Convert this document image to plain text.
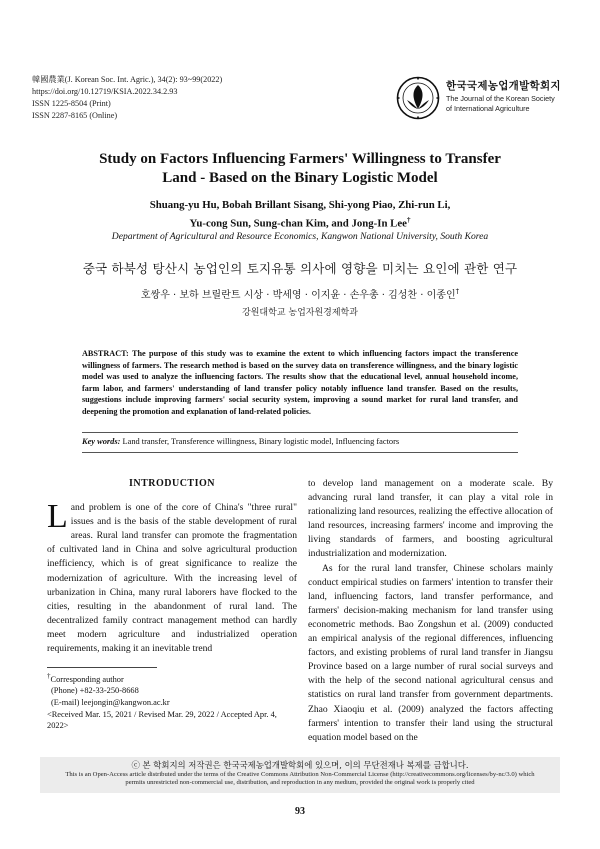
韓國農業(J. Korean Soc. Int. Agric.), 34(2): 93~99(2022)
https://doi.org/10.12719/KSIA.2022.34.2.93
ISSN 1225-8504 (Print)
ISSN 2287-8165 (Online)
한국국제농업개발학회지
The Journal of the Korean Society
of International Agriculture
Study on Factors Influencing Farmers' Willingness to Transfer
Land - Based on the Binary Logistic Model
Shuang-yu Hu, Bobah Brillant Sisang, Shi-yong Piao, Zhi-run Li,
Yu-cong Sun, Sung-chan Kim, and Jong-In Lee†
Department of Agricultural and Resource Economics, Kangwon National University, South Korea
중국 하북성 탕산시 농업인의 토지유통 의사에 영향을 미치는 요인에 관한 연구
호쌍우 · 보하 브릴란트 시상 · 박세영 · 이지윤 · 손우총 · 김성찬 · 이종인†
강원대학교 농업자원경제학과
ABSTRACT: The purpose of this study was to examine the extent to which influencing factors impact the transference willingness of farmers. The research method is based on the survey data on transference willingness, and the binary logistic model was used to analyze the influencing factors. The results show that the educational level, annual household income, farm labor, and farmers' understanding of land transfer policy notably influence land transfer. Based on the results, suggestions include improving farmers' social security system, improving a sound market for rural land transfer, and deepening the promotion and explanation of land-related policies.
Key words: Land transfer, Transference willingness, Binary logistic model, Influencing factors
INTRODUCTION
Land problem is one of the core of China's "three rural" issues and is the basis of the stable development of rural areas. Rural land transfer can promote the fragmentation of cultivated land in China and solve agricultural production inefficiency, which is of great significance to realize the modernization of agriculture. With the increasing level of urbanization in China, many rural laborers have flocked to the cities, resulting in the abandonment of rural land. The decentralized family contract management method can hardly meet modern agriculture and industrialized operation requirements, making it an inevitable trend
to develop land management on a moderate scale. By advancing rural land transfer, it can play a vital role in rationalizing land resources, realizing the effective allocation of land resources, increasing farmers' income and improving the living standards of farmers, and boosting agricultural industrialization and modernization.
As for the rural land transfer, Chinese scholars mainly conduct empirical studies on farmers' intention to transfer their land, influencing factors, land transfer performance, and farmers' decision-making mechanism for land transfer using econometric methods. Bao Zongshun et al. (2009) conducted an empirical analysis of the regional differences, influencing factors, and existing problems of rural land transfer in Jiangsu Province based on a large number of rural social surveys and with the help of the second national agricultural census and statistics on rural land transfer from government departments. Zhao Xiaoqiu et al. (2009) analyzed the factors affecting farmers' intention to transfer their land using the structural equation model based on the
†Corresponding author
(Phone) +82-33-250-8668
(E-mail) leejongin@kangwon.ac.kr
<Received Mar. 15, 2021 / Revised Mar. 29, 2022 / Accepted Apr. 4, 2022>
ⓒ 본 학회지의 저작권은 한국국제농업개발학회에 있으며, 이의 무단전재나 복제를 금합니다.
This is an Open-Access article distributed under the terms of the Creative Commons Attribution Non-Commercial License (http://creativecommons.org/licenses/by-nc/3.0) which
permits unrestricted non-commercial use, distribution, and reproduction in any medium, provided the original work is properly cited
93
